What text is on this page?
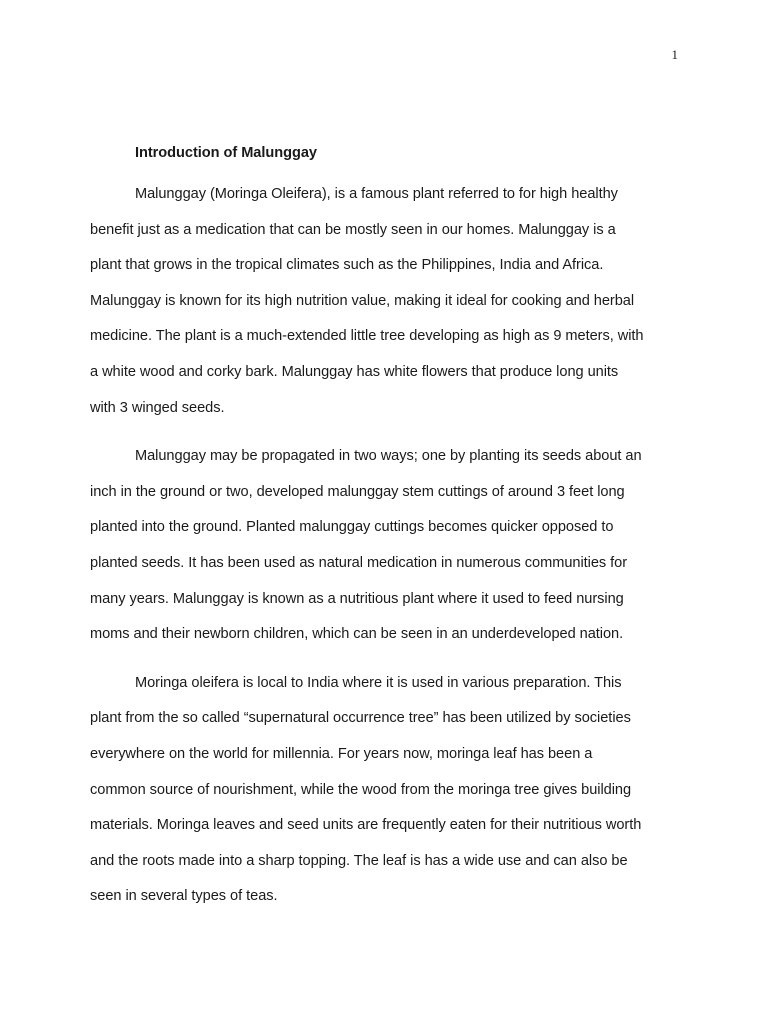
1
Introduction of Malunggay
Malunggay (Moringa Oleifera), is a famous plant referred to for high healthy
benefit just as a medication that can be mostly seen in our homes. Malunggay is a
plant that grows in the tropical climates such as the Philippines, India and Africa.
Malunggay is known for its high nutrition value, making it ideal for cooking and herbal
medicine. The plant is a much-extended little tree developing as high as 9 meters, with
a white wood and corky bark. Malunggay has white flowers that produce long units
with 3 winged seeds.
Malunggay may be propagated in two ways; one by planting its seeds about an
inch in the ground or two, developed malunggay stem cuttings of around 3 feet long
planted into the ground. Planted malunggay cuttings becomes quicker opposed to
planted seeds. It has been used as natural medication in numerous communities for
many years. Malunggay is known as a nutritious plant where it used to feed nursing
moms and their newborn children, which can be seen in an underdeveloped nation.
Moringa oleifera is local to India where it is used in various preparation. This
plant from the so called “supernatural occurrence tree” has been utilized by societies
everywhere on the world for millennia. For years now, moringa leaf has been a
common source of nourishment, while the wood from the moringa tree gives building
materials. Moringa leaves and seed units are frequently eaten for their nutritious worth
and the roots made into a sharp topping. The leaf is has a wide use and can also be
seen in several types of teas.
